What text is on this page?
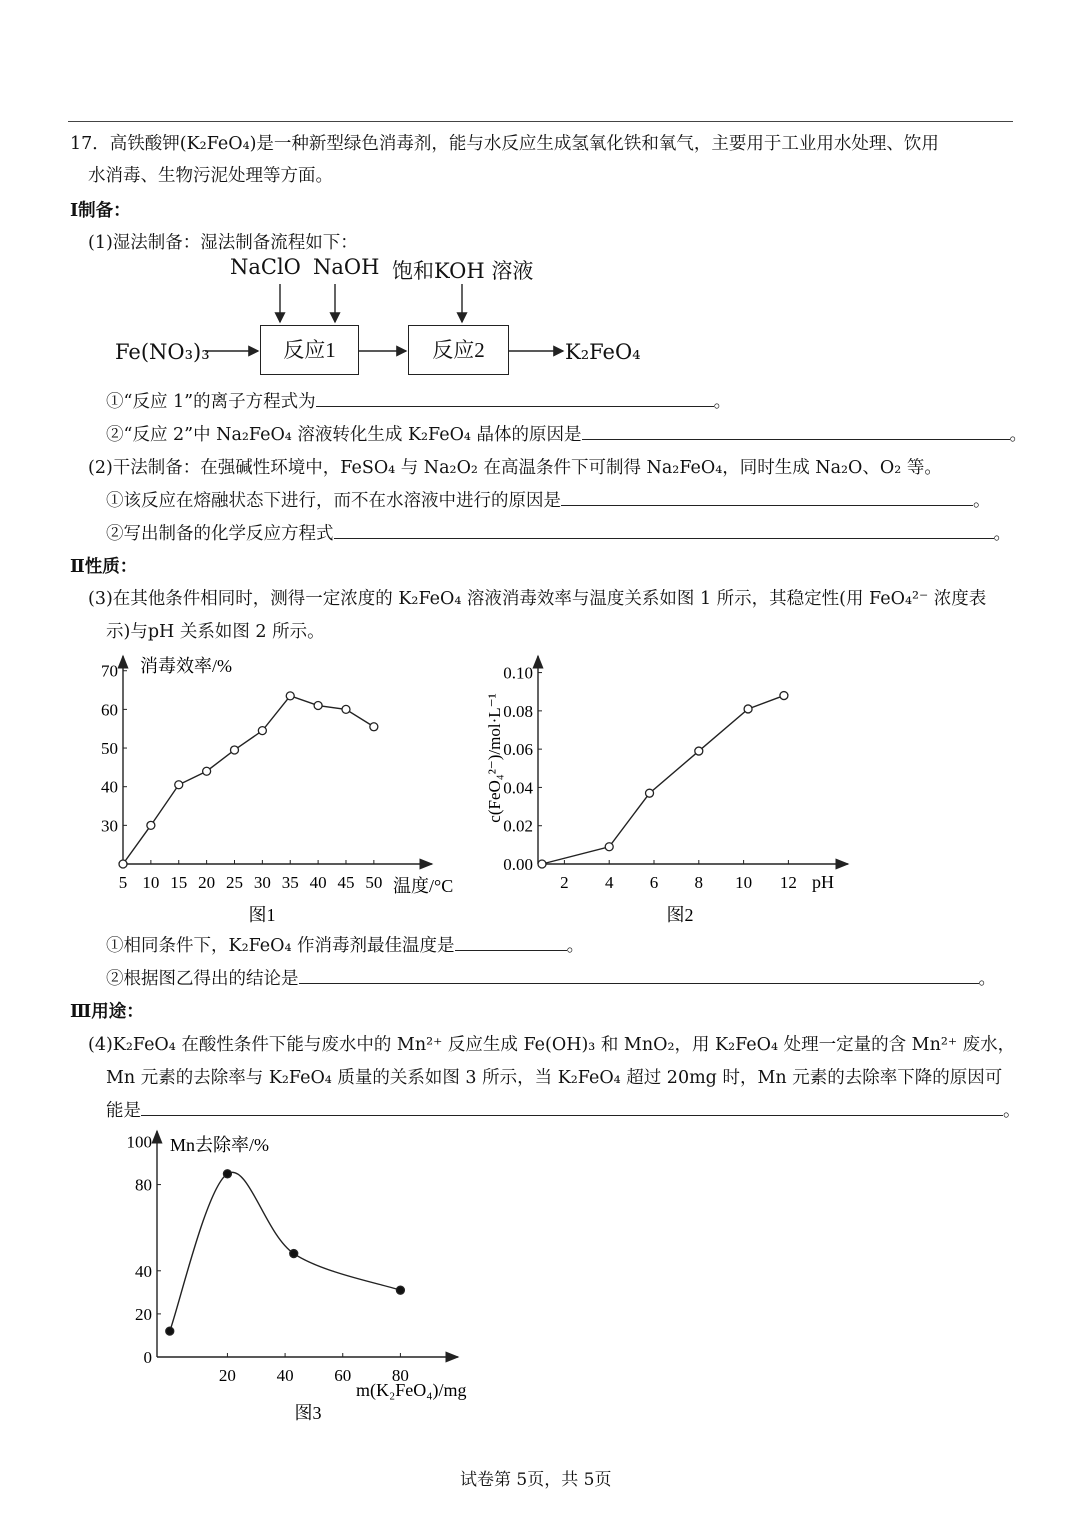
17．高铁酸钾(K₂FeO₄)是一种新型绿色消毒剂，能与水反应生成氢氧化铁和氧气，主要用于工业用水处理、饮用
水消毒、生物污泥处理等方面。
Ⅰ制备：
(1)湿法制备：湿法制备流程如下：
NaClO NaOH 饱和KOH 溶液
Fe(NO₃)₃	反应1	反应2	K₂FeO₄
①“反应 1”的离子方程式为	。
②“反应 2”中 Na₂FeO₄ 溶液转化生成 K₂FeO₄ 晶体的原因是	。
(2)干法制备：在强碱性环境中，FeSO₄ 与 Na₂O₂ 在高温条件下可制得 Na₂FeO₄，同时生成 Na₂O、O₂ 等。
①该反应在熔融状态下进行，而不在水溶液中进行的原因是	。
②写出制备的化学反应方程式	。
Ⅱ性质：
(3)在其他条件相同时，测得一定浓度的 K₂FeO₄ 溶液消毒效率与温度关系如图 1 所示，其稳定性(用 FeO₄²⁻ 浓度表
示)与pH 关系如图 2 所示。
5 10 15 20 25 30 35 40 45 50
30
40
50
60
70 消毒效率/%
温度/°C
图1
2 4 6 8 10 12
0.00
0.02
0.04
0.06
0.08
0.10
c(FeO₄²⁻)/mol·L⁻¹
pH
图2
①相同条件下，K₂FeO₄ 作消毒剂最佳温度是	。
②根据图乙得出的结论是	。
Ⅲ用途：
(4)K₂FeO₄ 在酸性条件下能与废水中的 Mn²⁺ 反应生成 Fe(OH)₃ 和 MnO₂，用 K₂FeO₄ 处理一定量的含 Mn²⁺ 废水，
Mn 元素的去除率与 K₂FeO₄ 质量的关系如图 3 所示，当 K₂FeO₄ 超过 20mg 时，Mn 元素的去除率下降的原因可
能是	。
20 40 60 80
0
20
40
80
100 Mn去除率/%
m(K₂FeO₄)/mg
图3
试卷第 5页，共 5页
